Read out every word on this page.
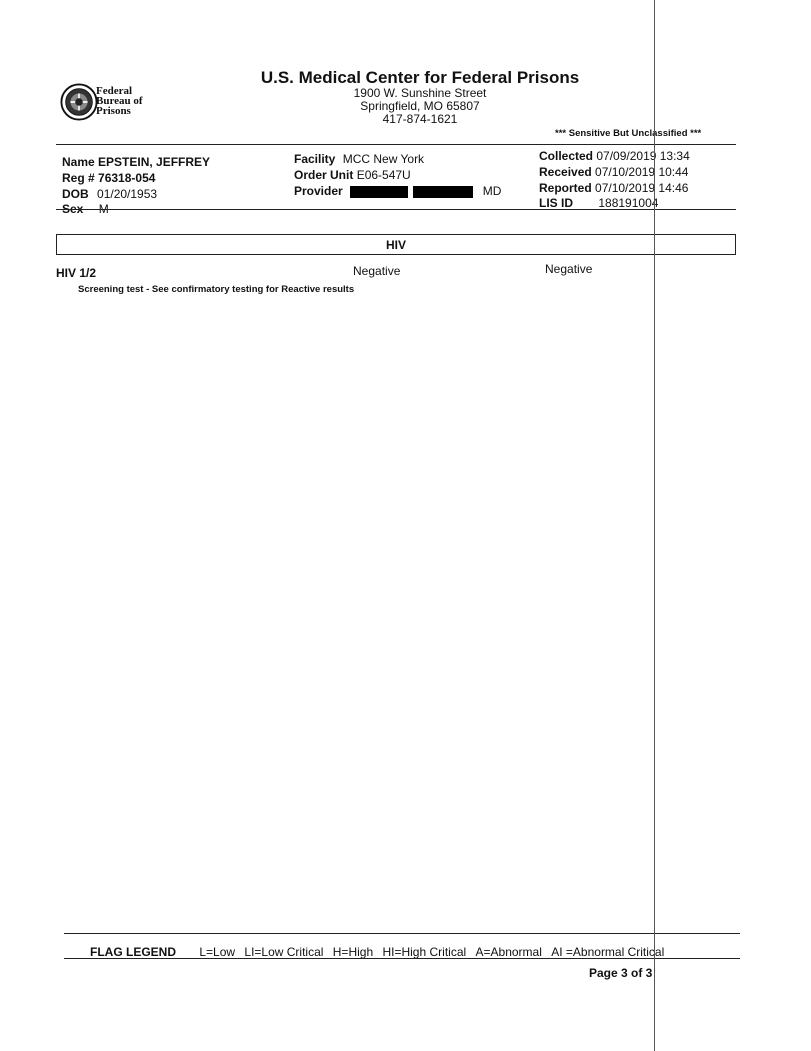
Federal
Bureau of
Prisons
U.S. Medical Center for Federal Prisons
1900 W. Sunshine Street
Springfield, MO 65807
417-874-1621
*** Sensitive But Unclassified ***
Name EPSTEIN, JEFFREY
Reg # 76318-054
DOB 01/20/1953
Sex M
Facility MCC New York
Order Unit E06-547U
Provider	MD
Collected 07/09/2019 13:34
Received 07/10/2019 10:44
Reported 07/10/2019 14:46
LIS ID 188191004
HIV
HIV 1/2	Negative	Negative
Screening test - See confirmatory testing for Reactive results
FLAG LEGEND L=Low LI=Low Critical H=High HI=High Critical A=Abnormal AI =Abnormal Critical
Page 3 of 3
